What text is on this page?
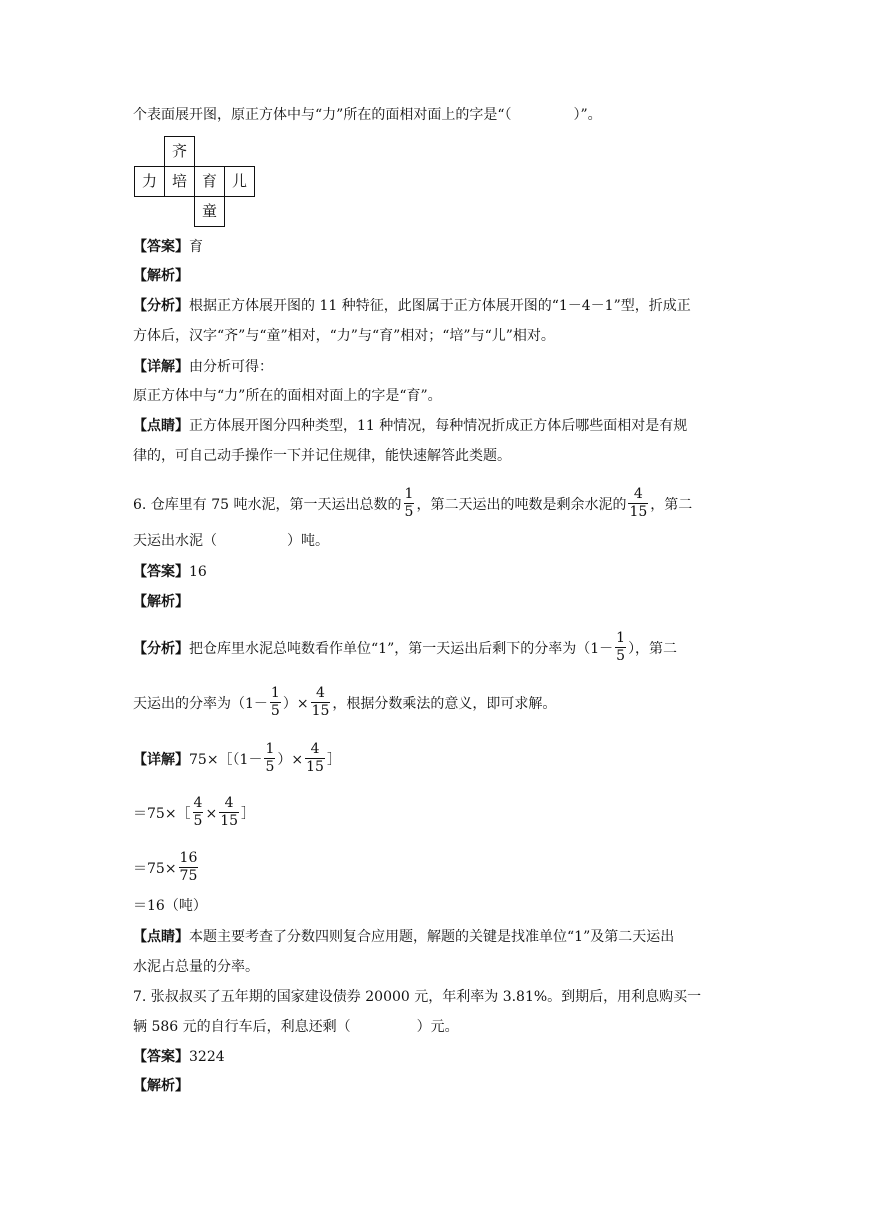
个表面展开图，原正方体中与“力”所在的面相对面上的字是“（	）”。
齐
力 培 育 儿
童
【答案】育
【解析】
【分析】根据正方体展开图的 11 种特征，此图属于正方体展开图的“1－4－1”型，折成正
方体后，汉字“齐”与“童”相对，“力”与“育”相对；“培”与“儿”相对。
【详解】由分析可得：
原正方体中与“力”所在的面相对面上的字是“育”。
【点睛】正方体展开图分四种类型，11 种情况，每种情况折成正方体后哪些面相对是有规
律的，可自己动手操作一下并记住规律，能快速解答此类题。
6. 仓库里有 75 吨水泥，第一天运出总数的 $\frac{1}{5}$ ，第二天运出的吨数是剩余水泥的 $\frac{4}{15}$ ，第二
天运出水泥（	）吨。
【答案】16
【解析】
【分析】把仓库里水泥总吨数看作单位“1”，第一天运出后剩下的分率为（$1- \frac{1}{5}$ ），第二
天运出的分率为（$1- \frac{1}{5}$ ）× $\frac{4}{15}$ ，根据分数乘法的意义，即可求解。
【详解】75×［（1－ $\frac{1}{5}$ ）× $\frac{4}{15}$ ］
＝75×［ $\frac{4}{5} \times \frac{4}{15}$ ］
$=75\times \frac{16}{75}$
＝16（吨）
【点睛】本题主要考查了分数四则复合应用题，解题的关键是找准单位“1”及第二天运出
水泥占总量的分率。
7. 张叔叔买了五年期的国家建设债券 20000 元，年利率为 3.81%。到期后，用利息购买一
辆 586 元的自行车后，利息还剩（	）元。
【答案】3224
【解析】
